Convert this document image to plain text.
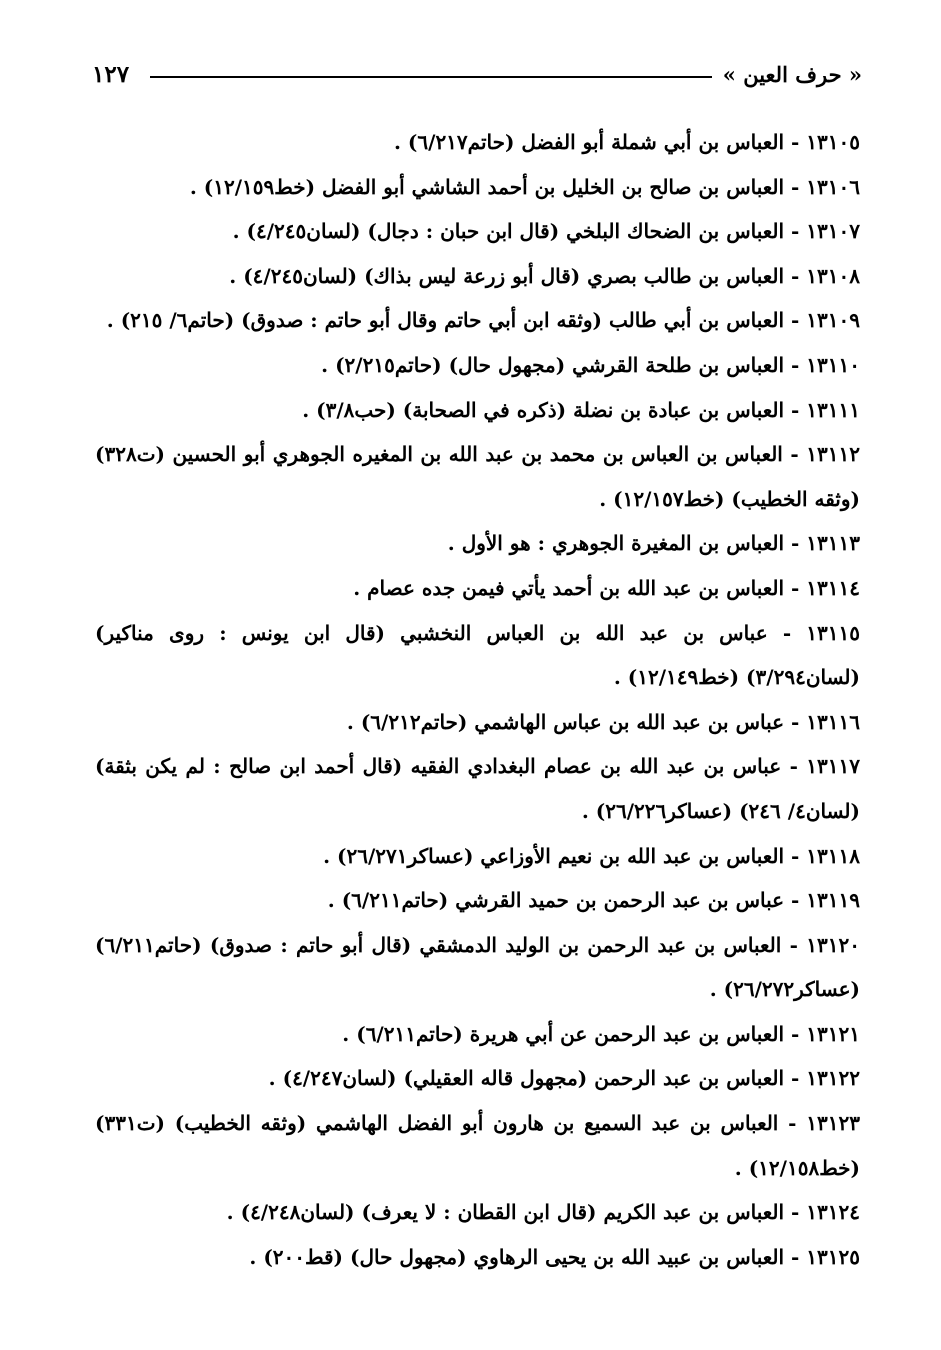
« حرف العين »
١٢٧
١٣١٠٥ - العباس بن أبي شملة أبو الفضل (حاتم٦/٢١٧) .
١٣١٠٦ - العباس بن صالح بن الخليل بن أحمد الشاشي أبو الفضل (خط١٢/١٥٩) .
١٣١٠٧ - العباس بن الضحاك البلخي (قال ابن حبان : دجال) (لسان٤/٢٤٥) .
١٣١٠٨ - العباس بن طالب بصري (قال أبو زرعة ليس بذاك) (لسان٤/٢٤٥) .
١٣١٠٩ - العباس بن أبي طالب (وثقه ابن أبي حاتم وقال أبو حاتم : صدوق) (حاتم٦/ ٢١٥) .
١٣١١٠ - العباس بن طلحة القرشي (مجهول حال) (حاتم٢/٢١٥) .
١٣١١١ - العباس بن عبادة بن نضلة (ذكره في الصحابة) (حب٣/٨) .
١٣١١٢ - العباس بن العباس بن محمد بن عبد الله بن المغيره الجوهري أبو الحسين (ت٣٢٨) (وثقه الخطيب) (خط١٢/١٥٧) .
١٣١١٣ - العباس بن المغيرة الجوهري : هو الأول .
١٣١١٤ - العباس بن عبد الله بن أحمد يأتي فيمن جده عصام .
١٣١١٥ - عباس بن عبد الله بن العباس النخشبي (قال ابن يونس : روى مناكير) (لسان٣/٢٩٤) (خط١٢/١٤٩) .
١٣١١٦ - عباس بن عبد الله بن عباس الهاشمي (حاتم٦/٢١٢) .
١٣١١٧ - عباس بن عبد الله بن عصام البغدادي الفقيه (قال أحمد ابن صالح : لم يكن بثقة) (لسان٤/ ٢٤٦) (عساكر٢٦/٢٢٦) .
١٣١١٨ - العباس بن عبد الله بن نعيم الأوزاعي (عساكر٢٦/٢٧١) .
١٣١١٩ - عباس بن عبد الرحمن بن حميد القرشي (حاتم٦/٢١١) .
١٣١٢٠ - العباس بن عبد الرحمن بن الوليد الدمشقي (قال أبو حاتم : صدوق) (حاتم٦/٢١١) (عساكر٢٦/٢٧٢) .
١٣١٢١ - العباس بن عبد الرحمن عن أبي هريرة (حاتم٦/٢١١) .
١٣١٢٢ - العباس بن عبد الرحمن (مجهول قاله العقيلي) (لسان٤/٢٤٧) .
١٣١٢٣ - العباس بن عبد السميع بن هارون أبو الفضل الهاشمي (وثقه الخطيب) (ت٣٣١) (خط١٢/١٥٨) .
١٣١٢٤ - العباس بن عبد الكريم (قال ابن القطان : لا يعرف) (لسان٤/٢٤٨) .
١٣١٢٥ - العباس بن عبيد الله بن يحيى الرهاوي (مجهول حال) (قط٢٠٠) .
